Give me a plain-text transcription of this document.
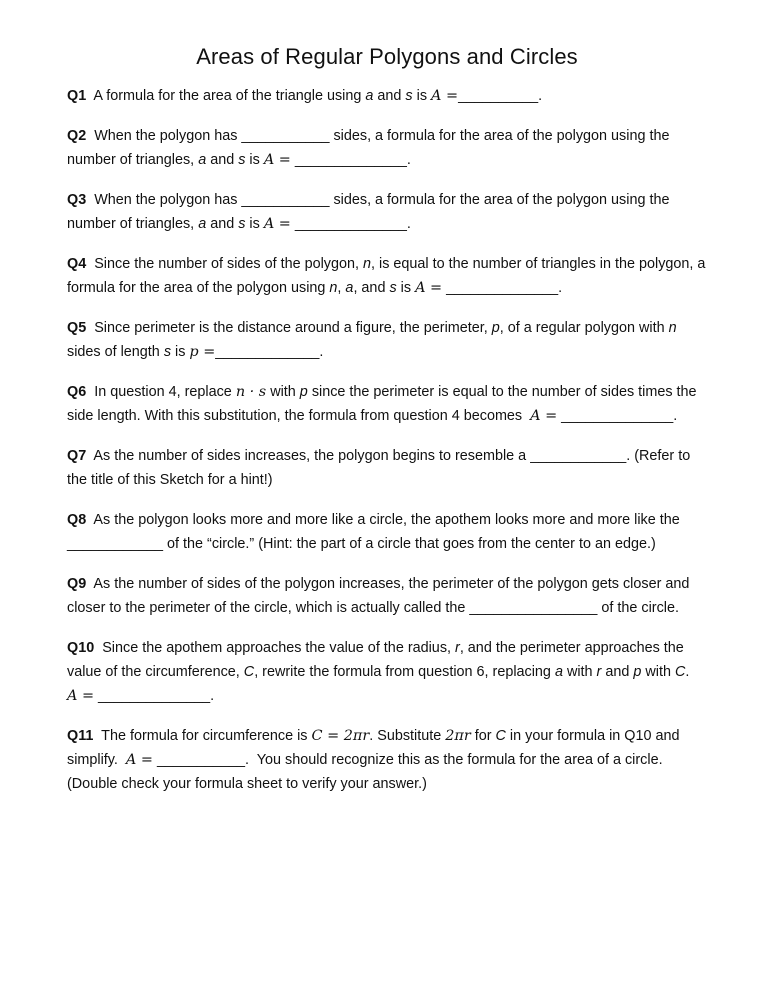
Areas of Regular Polygons and Circles

Q1 A formula for the area of the triangle using a and s is A =__________.

Q2 When the polygon has ___________ sides, a formula for the area of the polygon using the number of triangles, a and s is A = ______________.

Q3 When the polygon has ___________ sides, a formula for the area of the polygon using the number of triangles, a and s is A = ______________.

Q4 Since the number of sides of the polygon, n, is equal to the number of triangles in the polygon, a formula for the area of the polygon using n, a, and s is A = ______________.

Q5 Since perimeter is the distance around a figure, the perimeter, p, of a regular polygon with n sides of length s is p =_____________.

Q6 In question 4, replace n · s with p since the perimeter is equal to the number of sides times the side length. With this substitution, the formula from question 4 becomes A = ______________.

Q7 As the number of sides increases, the polygon begins to resemble a ____________. (Refer to the title of this Sketch for a hint!)

Q8 As the polygon looks more and more like a circle, the apothem looks more and more like the ____________ of the “circle.” (Hint: the part of a circle that goes from the center to an edge.)

Q9 As the number of sides of the polygon increases, the perimeter of the polygon gets closer and closer to the perimeter of the circle, which is actually called the ________________ of the circle.

Q10 Since the apothem approaches the value of the radius, r, and the perimeter approaches the value of the circumference, C, rewrite the formula from question 6, replacing a with r and p with C.  A = ______________.

Q11 The formula for circumference is C = 2πr. Substitute 2πr for C in your formula in Q10 and simplify. A = ___________. You should recognize this as the formula for the area of a circle. (Double check your formula sheet to verify your answer.)
